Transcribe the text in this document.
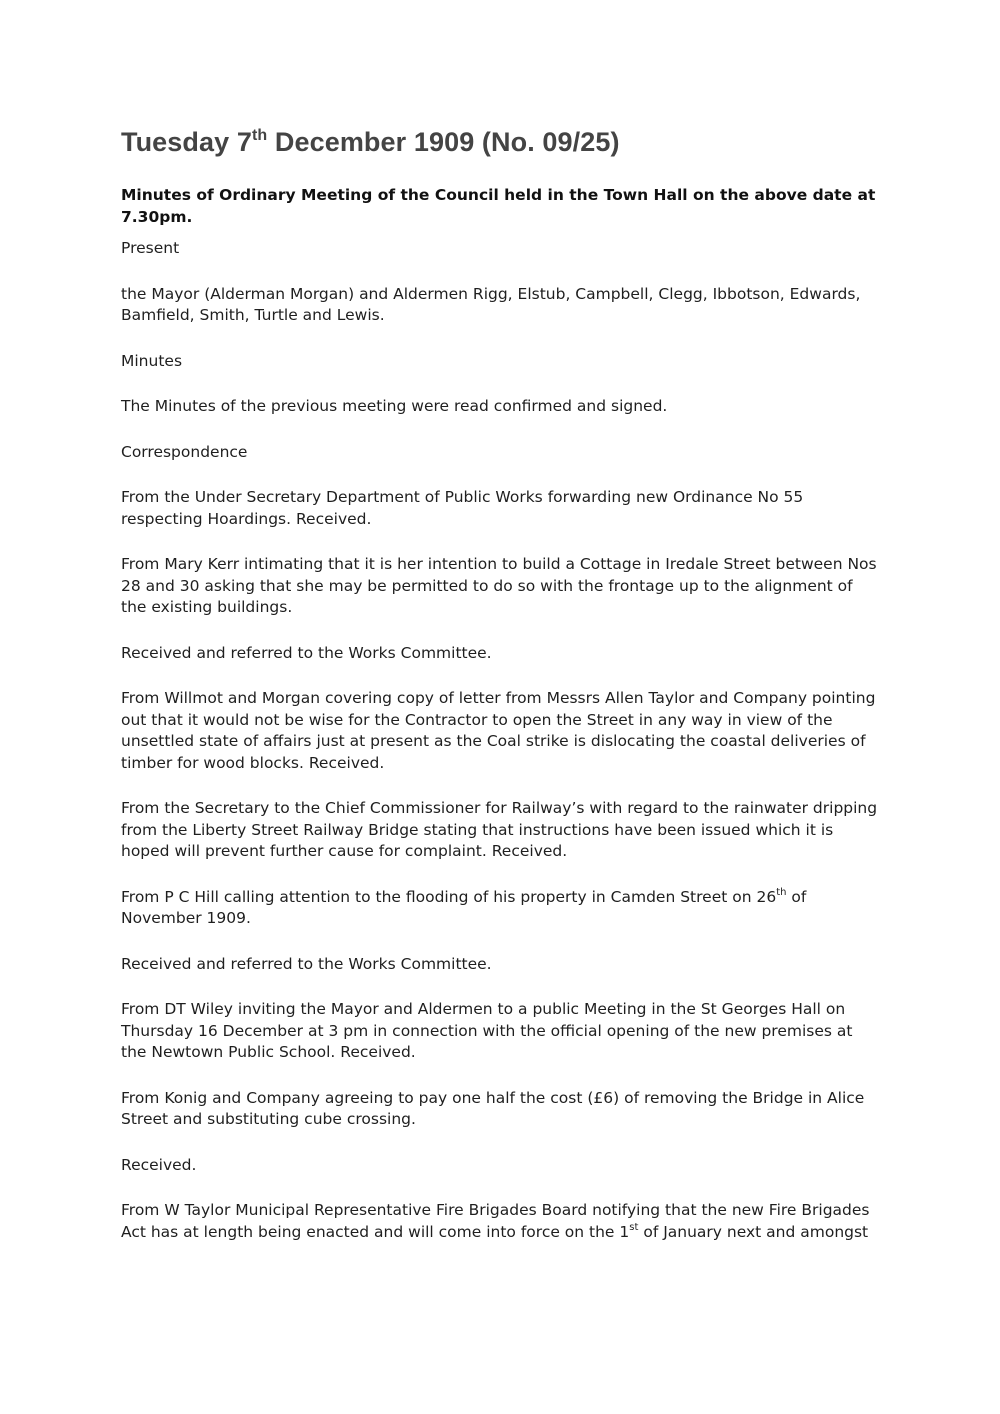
Tuesday 7th December 1909 (No. 09/25)
Minutes of Ordinary Meeting of the Council held in the Town Hall on the above date at 7.30pm.

Present

the Mayor (Alderman Morgan) and Aldermen Rigg, Elstub, Campbell, Clegg, Ibbotson, Edwards, Bamfield, Smith, Turtle and Lewis.

Minutes

The Minutes of the previous meeting were read confirmed and signed.

Correspondence

From the Under Secretary Department of Public Works forwarding new Ordinance No 55 respecting Hoardings. Received.

From Mary Kerr intimating that it is her intention to build a Cottage in Iredale Street between Nos 28 and 30 asking that she may be permitted to do so with the frontage up to the alignment of the existing buildings.

Received and referred to the Works Committee.

From Willmot and Morgan covering copy of letter from Messrs Allen Taylor and Company pointing out that it would not be wise for the Contractor to open the Street in any way in view of the unsettled state of affairs just at present as the Coal strike is dislocating the coastal deliveries of timber for wood blocks. Received.

From the Secretary to the Chief Commissioner for Railway’s with regard to the rainwater dripping from the Liberty Street Railway Bridge stating that instructions have been issued which it is hoped will prevent further cause for complaint. Received.

From P C Hill calling attention to the flooding of his property in Camden Street on 26th of November 1909.

Received and referred to the Works Committee.

From DT Wiley inviting the Mayor and Aldermen to a public Meeting in the St Georges Hall on Thursday 16 December at 3 pm in connection with the official opening of the new premises at the Newtown Public School. Received.

From Konig and Company agreeing to pay one half the cost (£6) of removing the Bridge in Alice Street and substituting cube crossing.

Received.

From W Taylor Municipal Representative Fire Brigades Board notifying that the new Fire Brigades Act has at length being enacted and will come into force on the 1st of January next and amongst
